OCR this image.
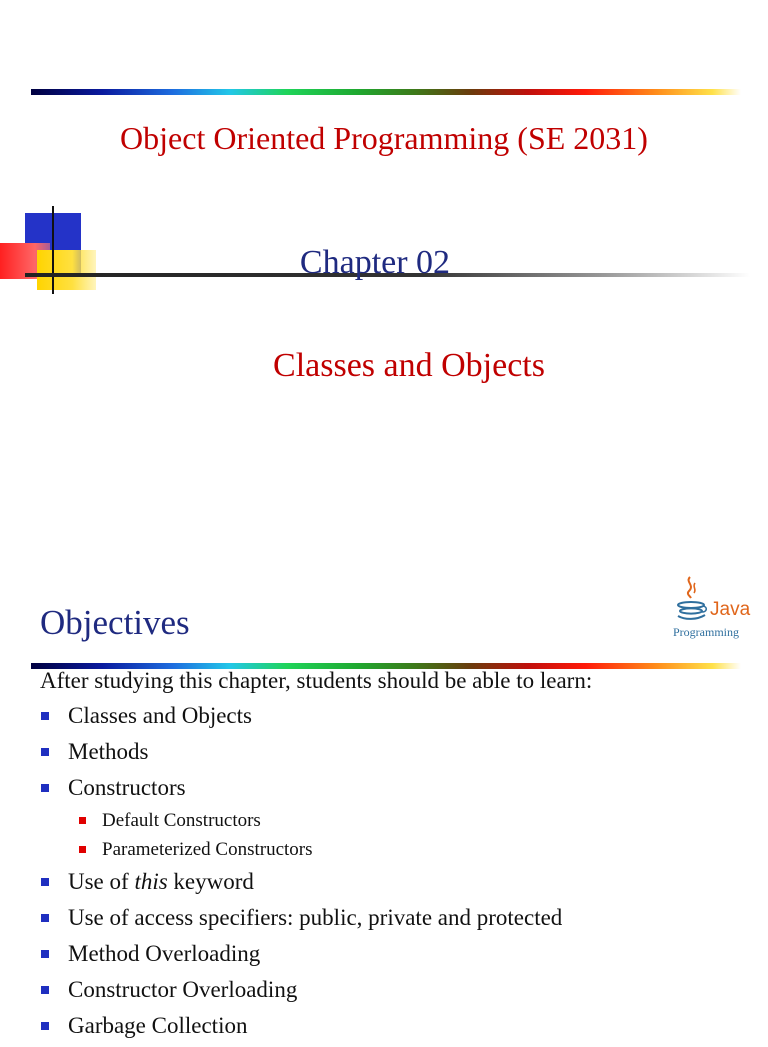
Object Oriented Programming (SE 2031)
Chapter 02
Classes and Objects
Objectives	Java
Programming
After studying this chapter, students should be able to learn:
Classes and Objects
Methods
Constructors
Default Constructors
Parameterized Constructors
Use of this keyword
Use of access specifiers: public, private and protected
Method Overloading
Constructor Overloading
Garbage Collection
